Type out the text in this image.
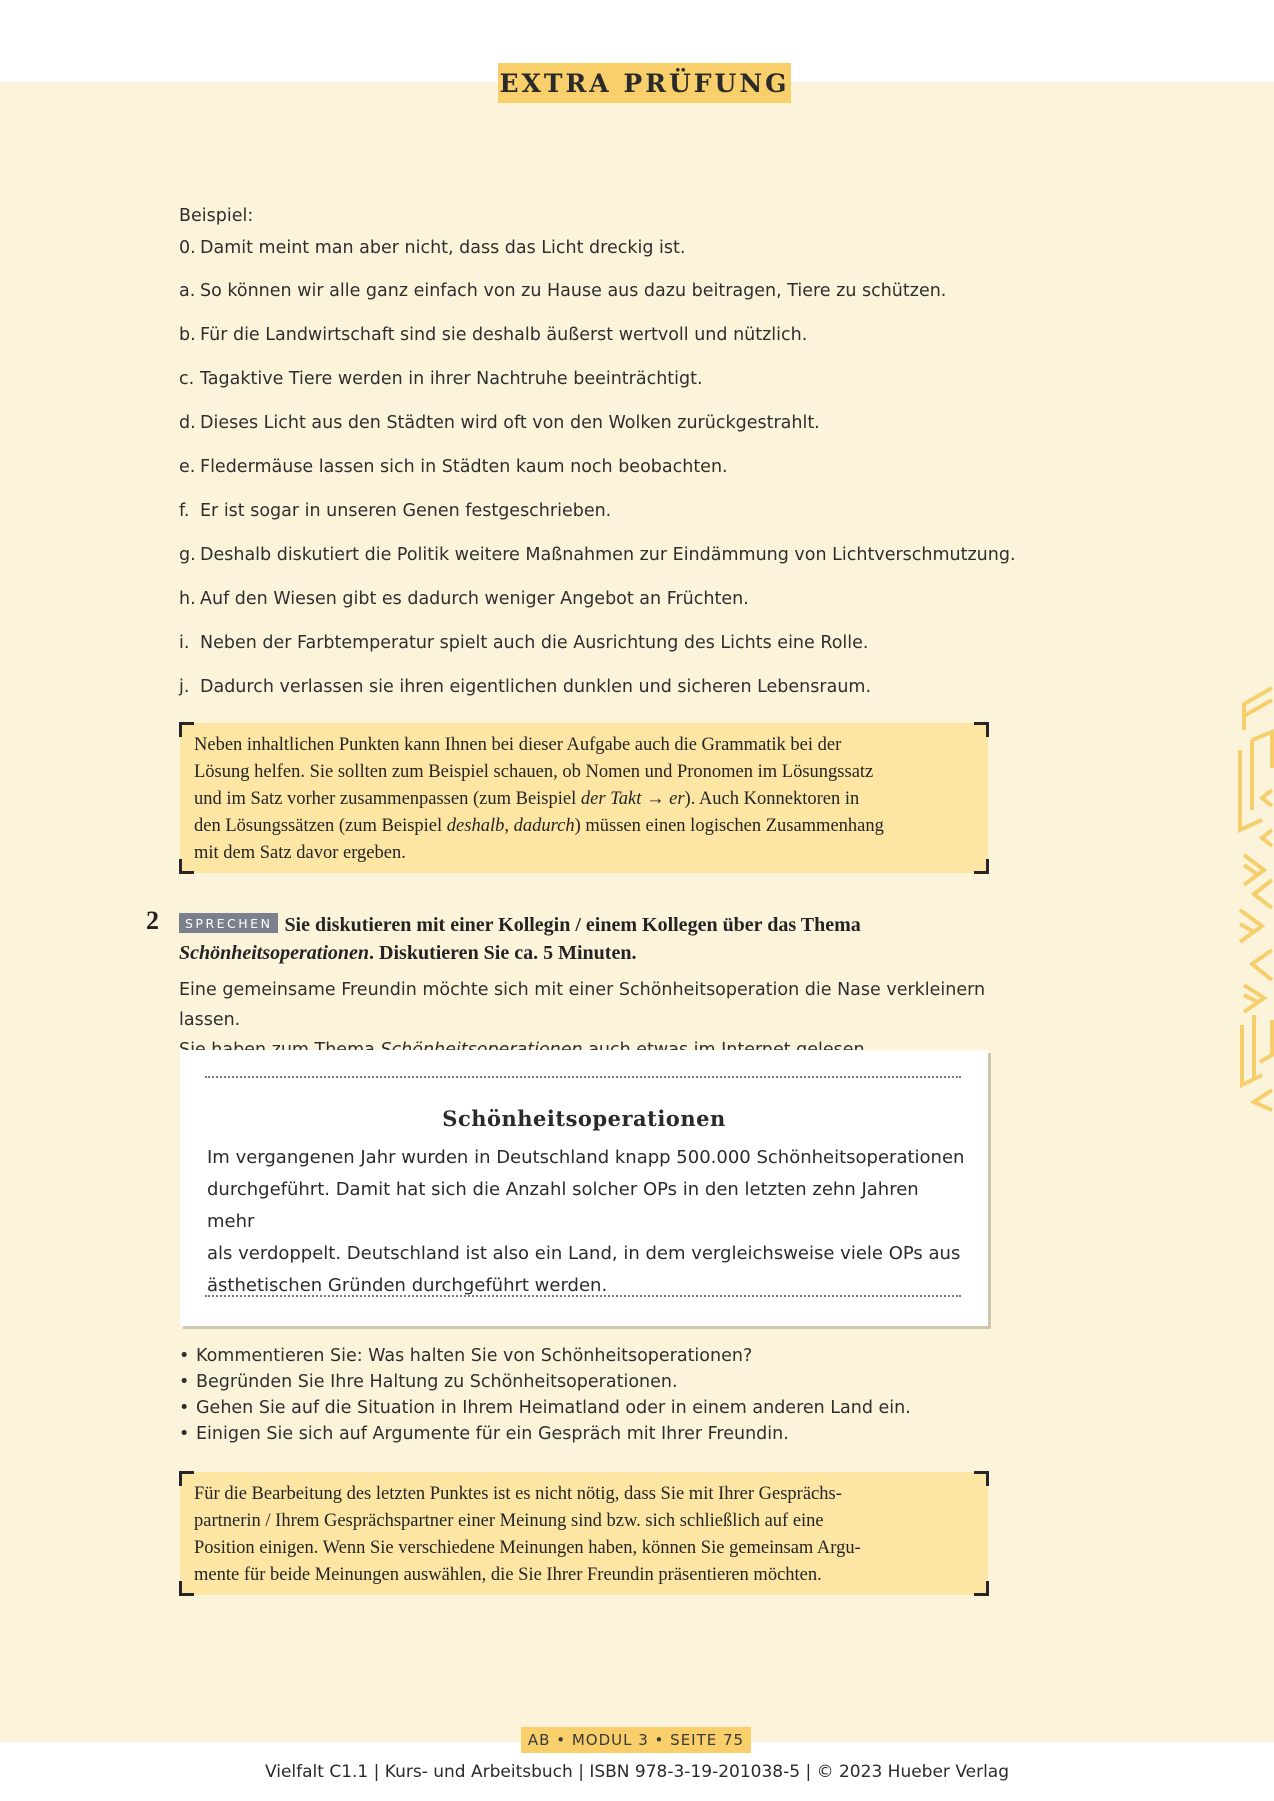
EXTRA PRÜFUNG
Beispiel:
0. Damit meint man aber nicht, dass das Licht dreckig ist.
a. So können wir alle ganz einfach von zu Hause aus dazu beitragen, Tiere zu schützen.
b. Für die Landwirtschaft sind sie deshalb äußerst wertvoll und nützlich.
c. Tagaktive Tiere werden in ihrer Nachtruhe beeinträchtigt.
d. Dieses Licht aus den Städten wird oft von den Wolken zurückgestrahlt.
e. Fledermäuse lassen sich in Städten kaum noch beobachten.
f. Er ist sogar in unseren Genen festgeschrieben.
g. Deshalb diskutiert die Politik weitere Maßnahmen zur Eindämmung von Lichtverschmutzung.
h. Auf den Wiesen gibt es dadurch weniger Angebot an Früchten.
i. Neben der Farbtemperatur spielt auch die Ausrichtung des Lichts eine Rolle.
j. Dadurch verlassen sie ihren eigentlichen dunklen und sicheren Lebensraum.
Neben inhaltlichen Punkten kann Ihnen bei dieser Aufgabe auch die Grammatik bei der
Lösung helfen. Sie sollten zum Beispiel schauen, ob Nomen und Pronomen im Lösungssatz
und im Satz vorher zusammenpassen (zum Beispiel der Takt → er). Auch Konnektoren in
den Lösungssätzen (zum Beispiel deshalb, dadurch) müssen einen logischen Zusammenhang
mit dem Satz davor ergeben.
2	SPRECHEN Sie diskutieren mit einer Kollegin / einem Kollegen über das Thema
Schönheitsoperationen. Diskutieren Sie ca. 5 Minuten.
Eine gemeinsame Freundin möchte sich mit einer Schönheitsoperation die Nase verkleinern lassen.
Schönheitsoperationen
Im vergangenen Jahr wurden in Deutschland knapp 500.000 Schönheitsoperationen
durchgeführt. Damit hat sich die Anzahl solcher OPs in den letzten zehn Jahren mehr
als verdoppelt. Deutschland ist also ein Land, in dem vergleichsweise viele OPs aus
ästhetischen Gründen durchgeführt werden.
• Kommentieren Sie: Was halten Sie von Schönheitsoperationen?
• Begründen Sie Ihre Haltung zu Schönheitsoperationen.
• Gehen Sie auf die Situation in Ihrem Heimatland oder in einem anderen Land ein.
• Einigen Sie sich auf Argumente für ein Gespräch mit Ihrer Freundin.
Für die Bearbeitung des letzten Punktes ist es nicht nötig, dass Sie mit Ihrer Gesprächs-
partnerin / Ihrem Gesprächspartner einer Meinung sind bzw. sich schließlich auf eine
Position einigen. Wenn Sie verschiedene Meinungen haben, können Sie gemeinsam Argu-
mente für beide Meinungen auswählen, die Sie Ihrer Freundin präsentieren möchten.
AB • MODUL 3 • SEITE 75
Vielfalt C1.1 | Kurs- und Arbeitsbuch | ISBN 978-3-19-201038-5 | © 2023 Hueber Verlag
